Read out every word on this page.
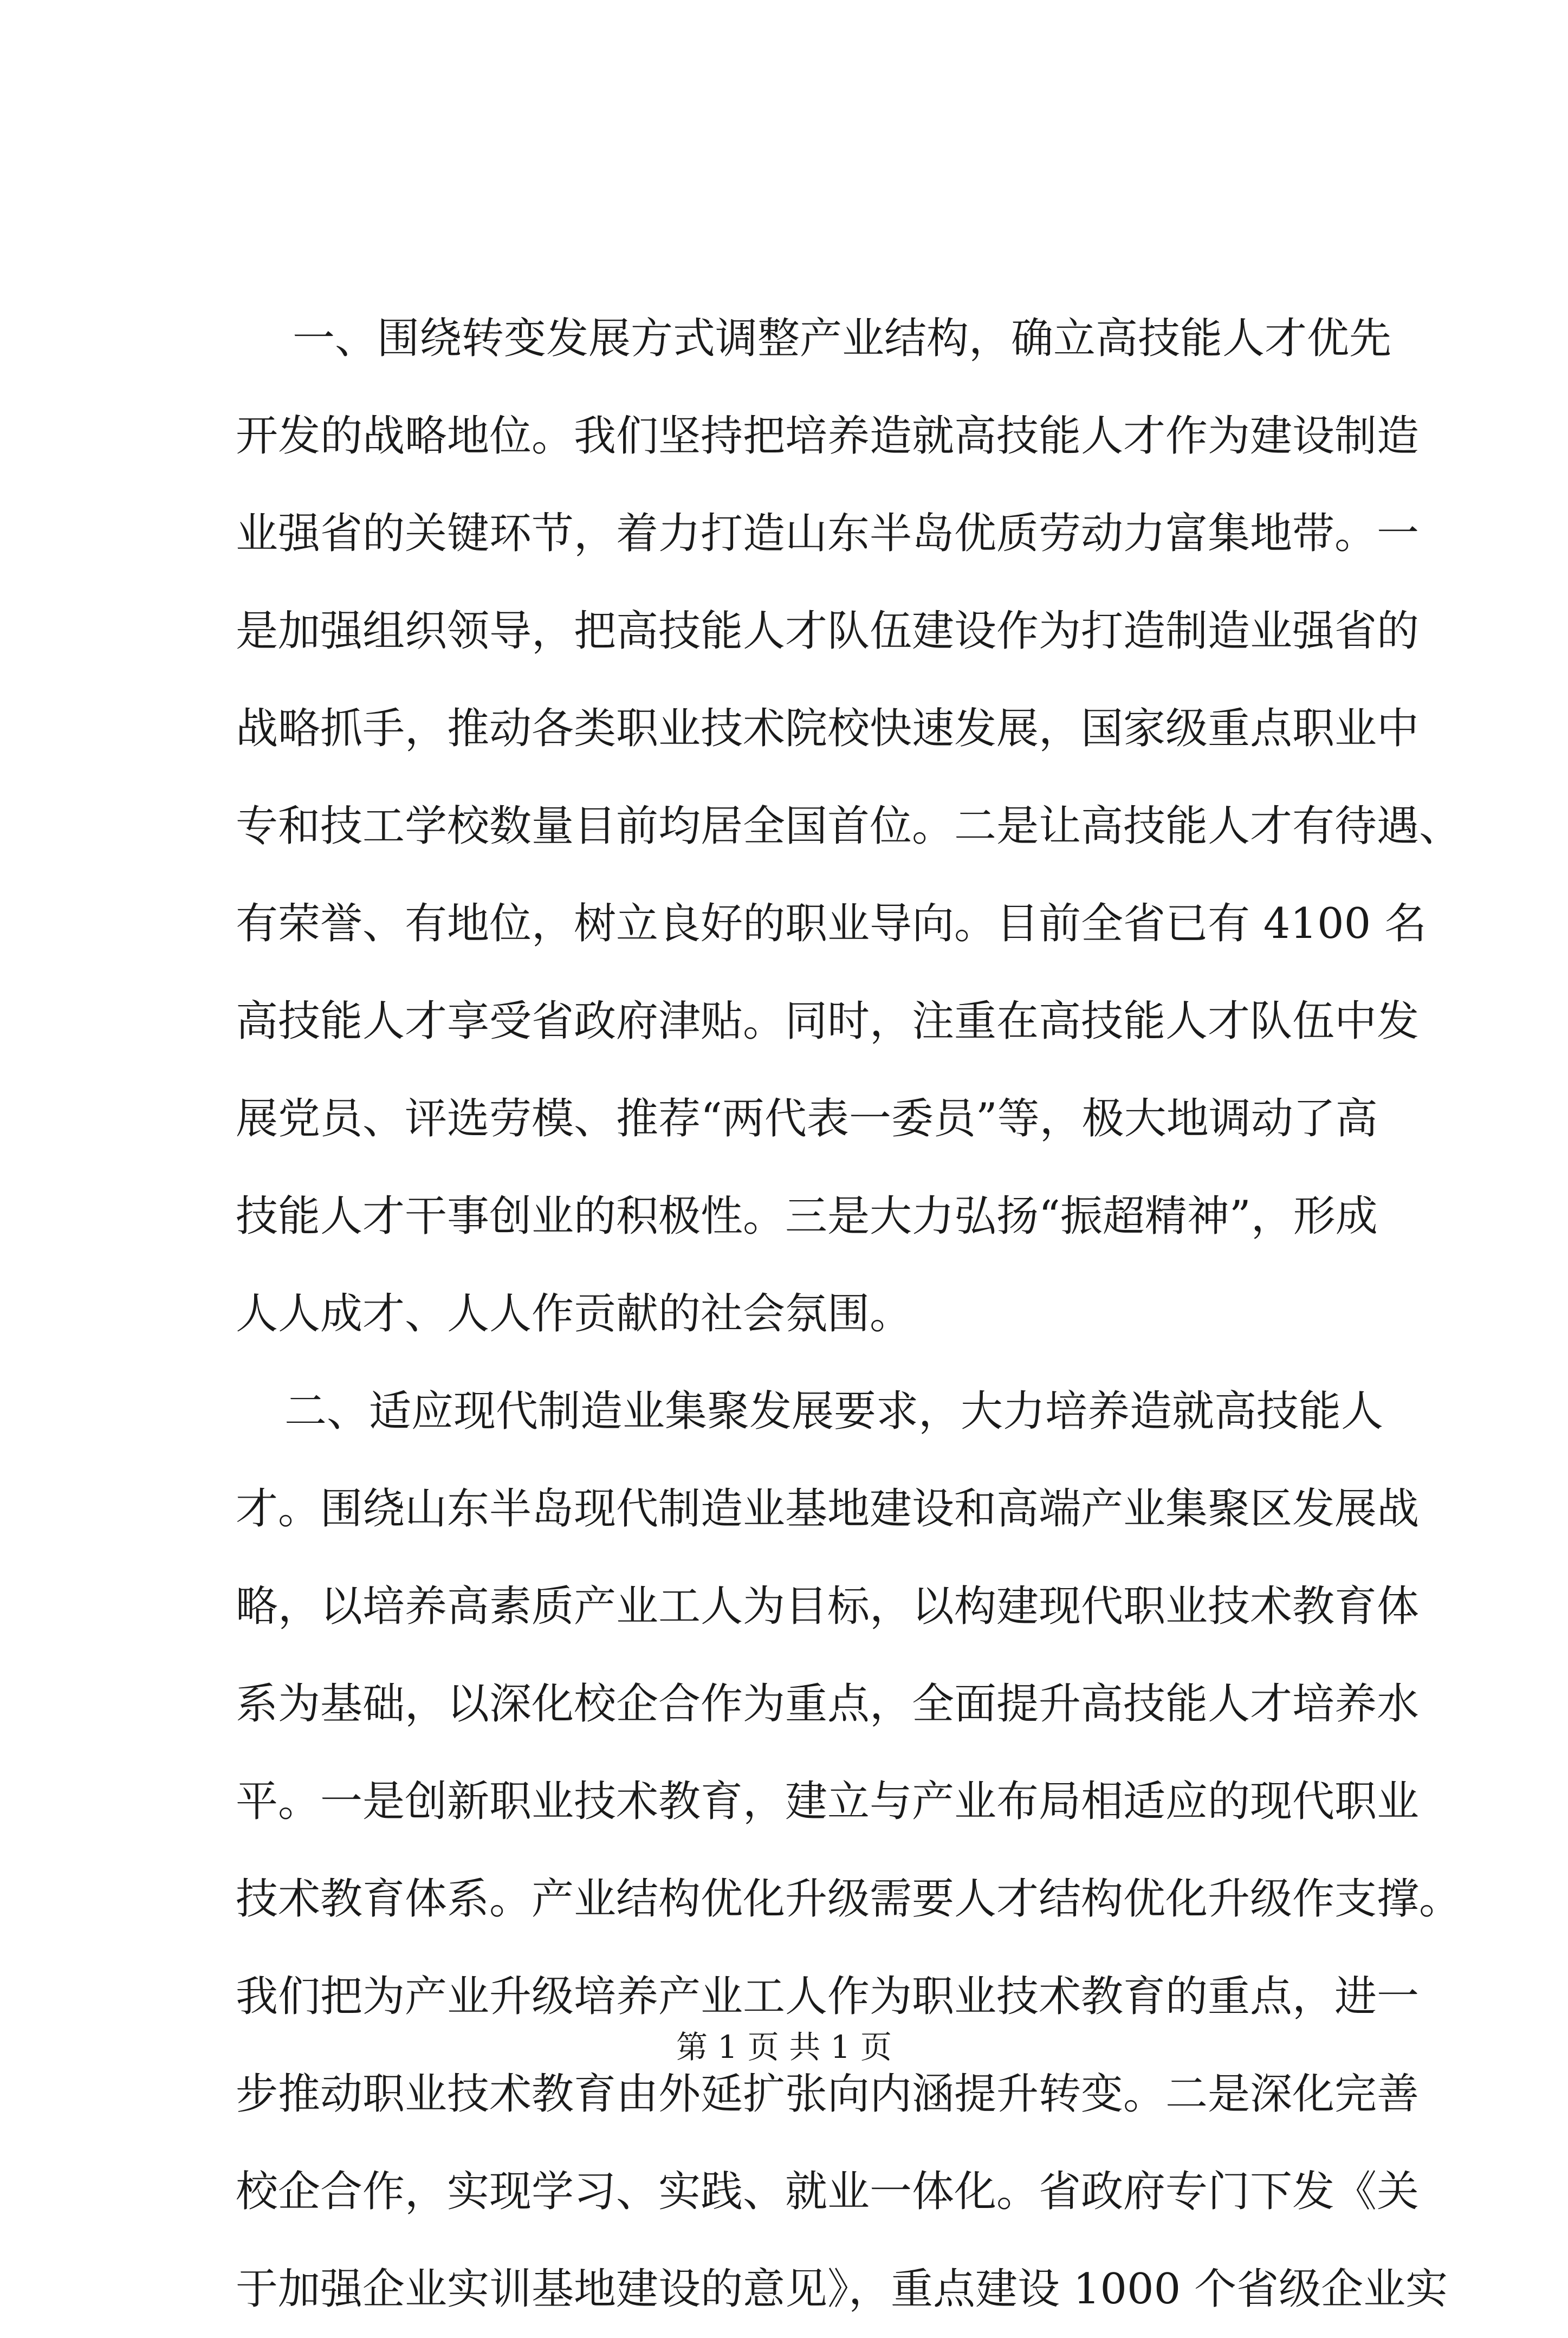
一、围绕转变发展方式调整产业结构，确立高技能人才优先
开发的战略地位。我们坚持把培养造就高技能人才作为建设制造
业强省的关键环节，着力打造山东半岛优质劳动力富集地带。一
是加强组织领导，把高技能人才队伍建设作为打造制造业强省的
战略抓手，推动各类职业技术院校快速发展，国家级重点职业中
专和技工学校数量目前均居全国首位。二是让高技能人才有待遇、
有荣誉、有地位，树立良好的职业导向。目前全省已有 4100 名
高技能人才享受省政府津贴。同时，注重在高技能人才队伍中发
展党员、评选劳模、推荐“两代表一委员”等，极大地调动了高
技能人才干事创业的积极性。三是大力弘扬“振超精神”，形成
人人成才、人人作贡献的社会氛围。
二、适应现代制造业集聚发展要求，大力培养造就高技能人
才。围绕山东半岛现代制造业基地建设和高端产业集聚区发展战
略，以培养高素质产业工人为目标，以构建现代职业技术教育体
系为基础，以深化校企合作为重点，全面提升高技能人才培养水
平。一是创新职业技术教育，建立与产业布局相适应的现代职业
技术教育体系。产业结构优化升级需要人才结构优化升级作支撑。
我们把为产业升级培养产业工人作为职业技术教育的重点，进一
步推动职业技术教育由外延扩张向内涵提升转变。二是深化完善
校企合作，实现学习、实践、就业一体化。省政府专门下发《关
于加强企业实训基地建设的意见》，重点建设 1000 个省级企业实
第 1 页 共 1 页
